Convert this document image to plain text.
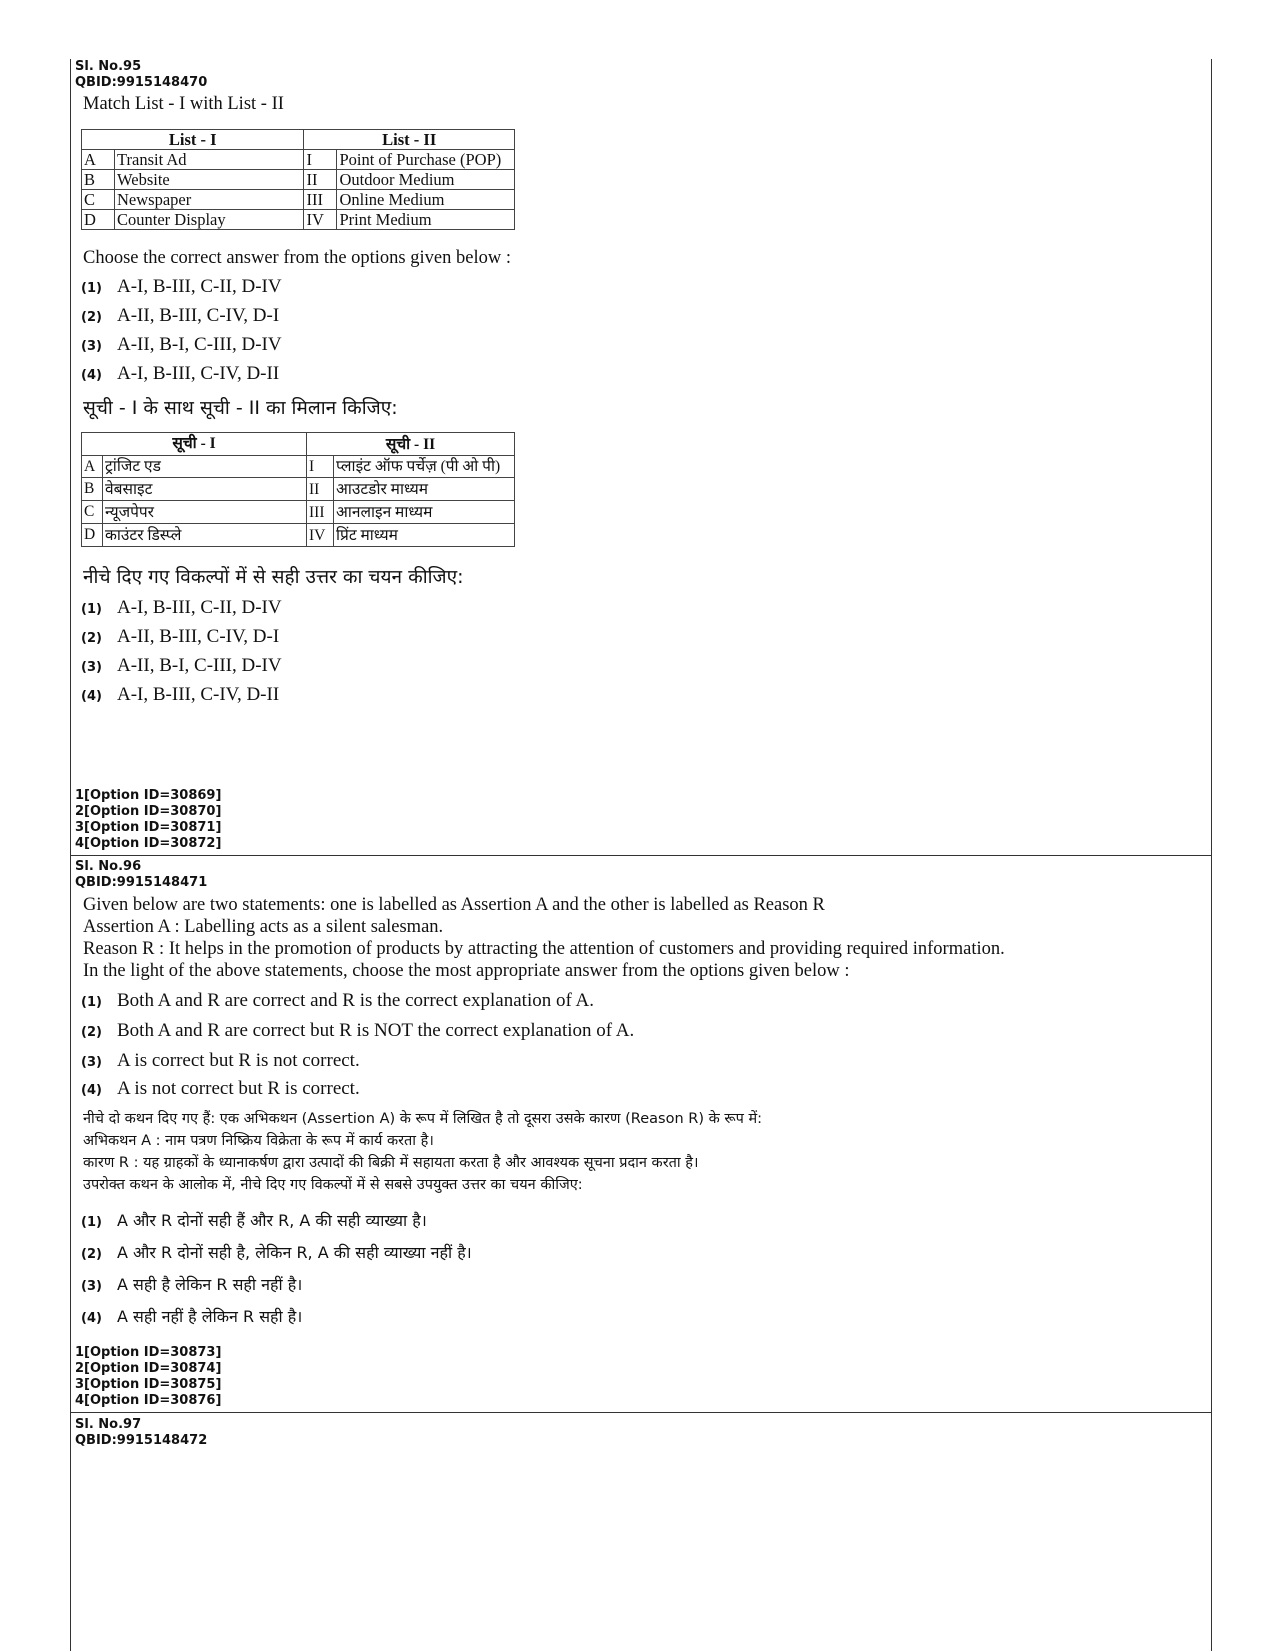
Sl. No.95
QBID:9915148470

Match List - I with List - II

List - I		List - II	
A	Transit Ad	I	Point of Purchase (POP)
B	Website	II	Outdoor Medium
C	Newspaper	III	Online Medium
D	Counter Display	IV	Print Medium

Choose the correct answer from the options given below :

(1) A-I, B-III, C-II, D-IV
(2) A-II, B-III, C-IV, D-I
(3) A-II, B-I, C-III, D-IV
(4) A-I, B-III, C-IV, D-II

सूची - I के साथ सूची - II का मिलान किजिए:

सूची - I		सूची - II	
A	ट्रांजिट एड	I	प्लाइंट ऑफ पर्चेज़ (पी ओ पी)
B	वेबसाइट	II	आउटडोर माध्यम
C	न्यूजपेपर	III	आनलाइन माध्यम
D	काउंटर डिस्प्ले	IV	प्रिंट माध्यम

नीचे दिए गए विकल्पों में से सही उत्तर का चयन कीजिए:

(1) A-I, B-III, C-II, D-IV
(2) A-II, B-III, C-IV, D-I
(3) A-II, B-I, C-III, D-IV
(4) A-I, B-III, C-IV, D-II
1[Option ID=30869]
2[Option ID=30870]
3[Option ID=30871]
4[Option ID=30872]
Sl. No.96
QBID:9915148471

Given below are two statements: one is labelled as Assertion A and the other is labelled as Reason R

Assertion A : Labelling acts as a silent salesman.

Reason R : It helps in the promotion of products by attracting the attention of customers and providing required information.

In the light of the above statements, choose the most appropriate answer from the options given below :

(1) Both A and R are correct and R is the correct explanation of A.
(2) Both A and R are correct but R is NOT the correct explanation of A.
(3) A is correct but R is not correct.
(4) A is not correct but R is correct.

नीचे दो कथन दिए गए हैं: एक अभिकथन (Assertion A) के रूप में लिखित है तो दूसरा उसके कारण (Reason R) के रूप में:

अभिकथन A : नाम पत्रण निष्क्रिय विक्रेता के रूप में कार्य करता है।

कारण R : यह ग्राहकों के ध्यानाकर्षण द्वारा उत्पादों की बिक्री में सहायता करता है और आवश्यक सूचना प्रदान करता है।

उपरोक्त कथन के आलोक में, नीचे दिए गए विकल्पों में से सबसे उपयुक्त उत्तर का चयन कीजिए:

(1) A और R दोनों सही हैं और R, A की सही व्याख्या है।
(2) A और R दोनों सही है, लेकिन R, A की सही व्याख्या नहीं है।
(3) A सही है लेकिन R सही नहीं है।
(4) A सही नहीं है लेकिन R सही है।
1[Option ID=30873]
2[Option ID=30874]
3[Option ID=30875]
4[Option ID=30876]
Sl. No.97
QBID:9915148472
